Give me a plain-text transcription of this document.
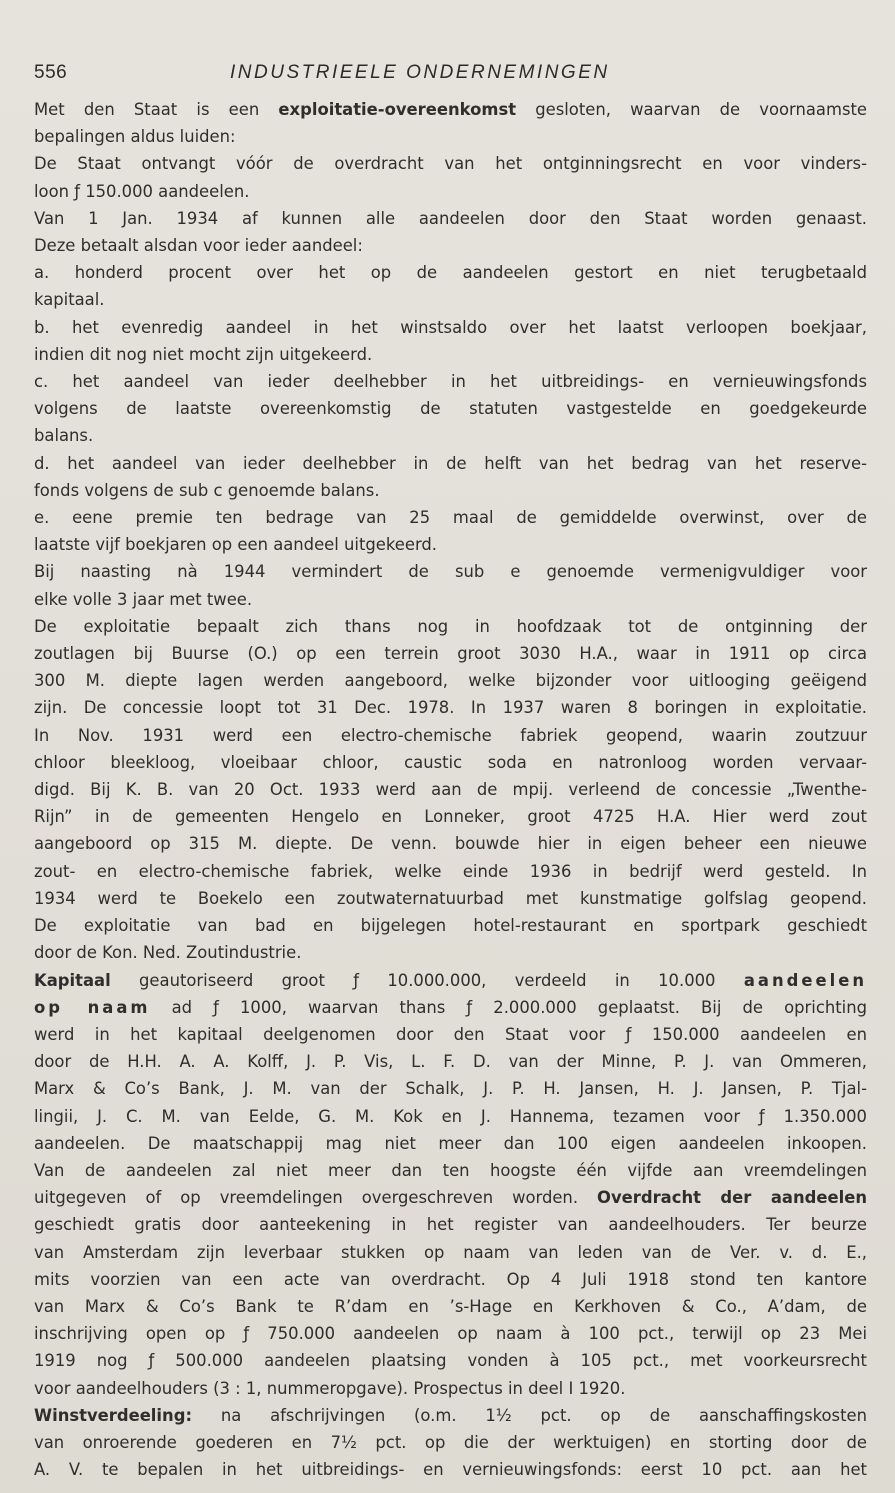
556	INDUSTRIEELE ONDERNEMINGEN
Met den Staat is een exploitatie-overeenkomst gesloten, waarvan de voornaamste
bepalingen aldus luiden:
De Staat ontvangt vóór de overdracht van het ontginningsrecht en voor vinders-
loon ƒ 150.000 aandeelen.
Van 1 Jan. 1934 af kunnen alle aandeelen door den Staat worden genaast.
Deze betaalt alsdan voor ieder aandeel:
a. honderd procent over het op de aandeelen gestort en niet terugbetaald
kapitaal.
b. het evenredig aandeel in het winstsaldo over het laatst verloopen boekjaar,
indien dit nog niet mocht zijn uitgekeerd.
c. het aandeel van ieder deelhebber in het uitbreidings- en vernieuwingsfonds
volgens de laatste overeenkomstig de statuten vastgestelde en goedgekeurde
balans.
d. het aandeel van ieder deelhebber in de helft van het bedrag van het reserve-
fonds volgens de sub c genoemde balans.
e. eene premie ten bedrage van 25 maal de gemiddelde overwinst, over de
laatste vijf boekjaren op een aandeel uitgekeerd.
Bij naasting nà 1944 vermindert de sub e genoemde vermenigvuldiger voor
elke volle 3 jaar met twee.
De exploitatie bepaalt zich thans nog in hoofdzaak tot de ontginning der
zoutlagen bij Buurse (O.) op een terrein groot 3030 H.A., waar in 1911 op circa
300 M. diepte lagen werden aangeboord, welke bijzonder voor uitlooging geëigend
zijn. De concessie loopt tot 31 Dec. 1978. In 1937 waren 8 boringen in exploitatie.
In Nov. 1931 werd een electro-chemische fabriek geopend, waarin zoutzuur
chloor bleekloog, vloeibaar chloor, caustic soda en natronloog worden vervaar-
digd. Bij K. B. van 20 Oct. 1933 werd aan de mpij. verleend de concessie „Twenthe-
Rijn” in de gemeenten Hengelo en Lonneker, groot 4725 H.A. Hier werd zout
aangeboord op 315 M. diepte. De venn. bouwde hier in eigen beheer een nieuwe
zout- en electro-chemische fabriek, welke einde 1936 in bedrijf werd gesteld. In
1934 werd te Boekelo een zoutwaternatuurbad met kunstmatige golfslag geopend.
De exploitatie van bad en bijgelegen hotel-restaurant en sportpark geschiedt
door de Kon. Ned. Zoutindustrie.
Kapitaal geautoriseerd groot ƒ 10.000.000, verdeeld in 10.000 aandeelen
op naam ad ƒ 1000, waarvan thans ƒ 2.000.000 geplaatst. Bij de oprichting
werd in het kapitaal deelgenomen door den Staat voor ƒ 150.000 aandeelen en
door de H.H. A. A. Kolff, J. P. Vis, L. F. D. van der Minne, P. J. van Ommeren,
Marx & Co’s Bank, J. M. van der Schalk, J. P. H. Jansen, H. J. Jansen, P. Tjal-
lingii, J. C. M. van Eelde, G. M. Kok en J. Hannema, tezamen voor ƒ 1.350.000
aandeelen. De maatschappij mag niet meer dan 100 eigen aandeelen inkoopen.
Van de aandeelen zal niet meer dan ten hoogste één vijfde aan vreemdelingen
uitgegeven of op vreemdelingen overgeschreven worden. Overdracht der aandeelen
geschiedt gratis door aanteekening in het register van aandeelhouders. Ter beurze
van Amsterdam zijn leverbaar stukken op naam van leden van de Ver. v. d. E.,
mits voorzien van een acte van overdracht. Op 4 Juli 1918 stond ten kantore
van Marx & Co’s Bank te R’dam en ’s-Hage en Kerkhoven & Co., A’dam, de
inschrijving open op ƒ 750.000 aandeelen op naam à 100 pct., terwijl op 23 Mei
1919 nog ƒ 500.000 aandeelen plaatsing vonden à 105 pct., met voorkeursrecht
voor aandeelhouders (3 : 1, nummeropgave). Prospectus in deel I 1920.
Winstverdeeling: na afschrijvingen (o.m. 1½ pct. op de aanschaffingskosten
van onroerende goederen en 7½ pct. op die der werktuigen) en storting door de
A. V. te bepalen in het uitbreidings- en vernieuwingsfonds: eerst 10 pct. aan het
